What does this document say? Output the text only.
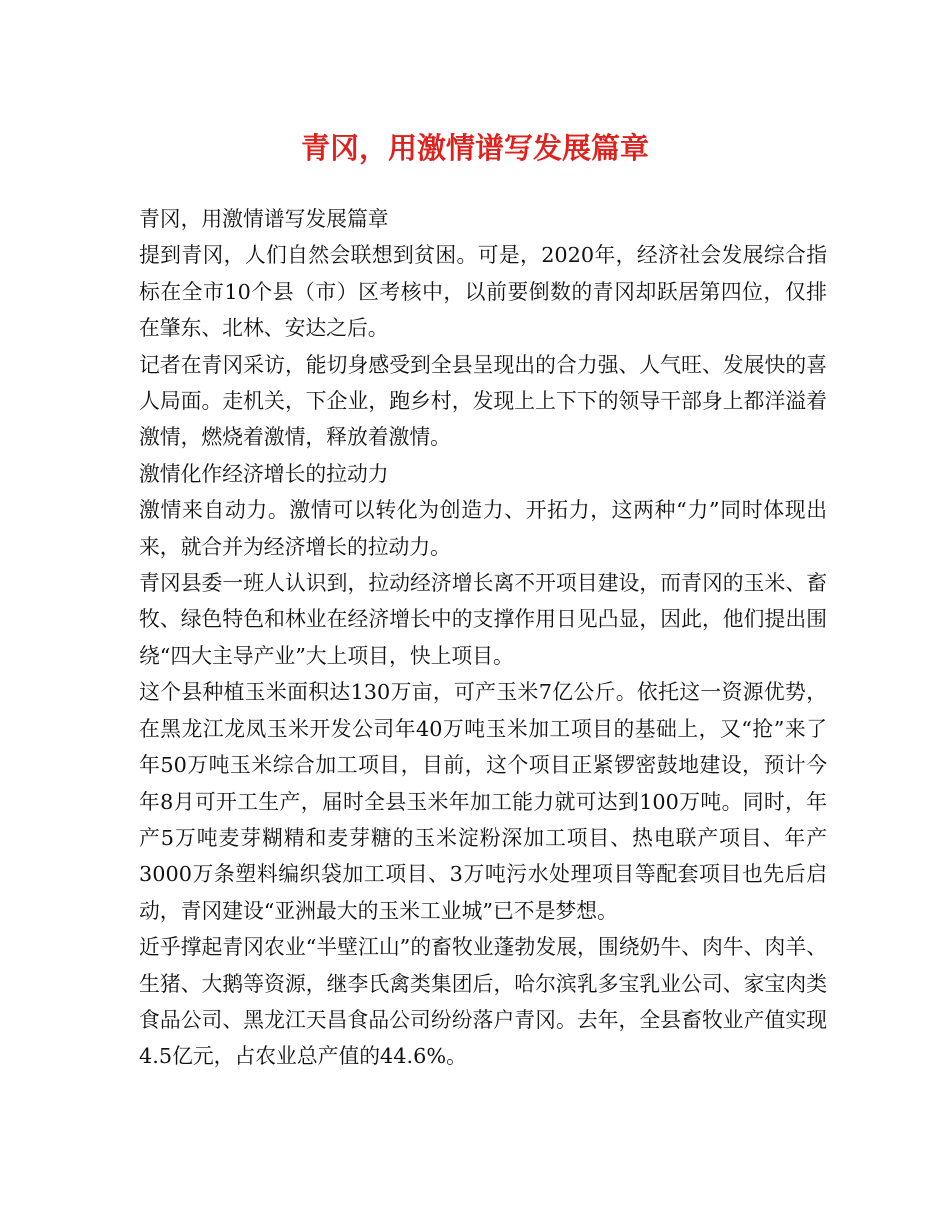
青冈，用激情谱写发展篇章

青冈，用激情谱写发展篇章

提到青冈，人们自然会联想到贫困。可是，2020年，经济社会发展综合指标在全市10个县（市）区考核中，以前要倒数的青冈却跃居第四位，仅排在肇东、北林、安达之后。

记者在青冈采访，能切身感受到全县呈现出的合力强、人气旺、发展快的喜人局面。走机关，下企业，跑乡村，发现上上下下的领导干部身上都洋溢着激情，燃烧着激情，释放着激情。

激情化作经济增长的拉动力

激情来自动力。激情可以转化为创造力、开拓力，这两种“力”同时体现出来，就合并为经济增长的拉动力。

青冈县委一班人认识到，拉动经济增长离不开项目建设，而青冈的玉米、畜牧、绿色特色和林业在经济增长中的支撑作用日见凸显，因此，他们提出围绕“四大主导产业”大上项目，快上项目。

这个县种植玉米面积达130万亩，可产玉米7亿公斤。依托这一资源优势，在黑龙江龙凤玉米开发公司年40万吨玉米加工项目的基础上，又“抢”来了年50万吨玉米综合加工项目，目前，这个项目正紧锣密鼓地建设，预计今年8月可开工生产，届时全县玉米年加工能力就可达到100万吨。同时，年产5万吨麦芽糊精和麦芽糖的玉米淀粉深加工项目、热电联产项目、年产3000万条塑料编织袋加工项目、3万吨污水处理项目等配套项目也先后启动，青冈建设“亚洲最大的玉米工业城”已不是梦想。

近乎撑起青冈农业“半壁江山”的畜牧业蓬勃发展，围绕奶牛、肉牛、肉羊、生猪、大鹅等资源，继李氏禽类集团后，哈尔滨乳多宝乳业公司、家宝肉类食品公司、黑龙江天昌食品公司纷纷落户青冈。去年，全县畜牧业产值实现4.5亿元，占农业总产值的44.6%。
